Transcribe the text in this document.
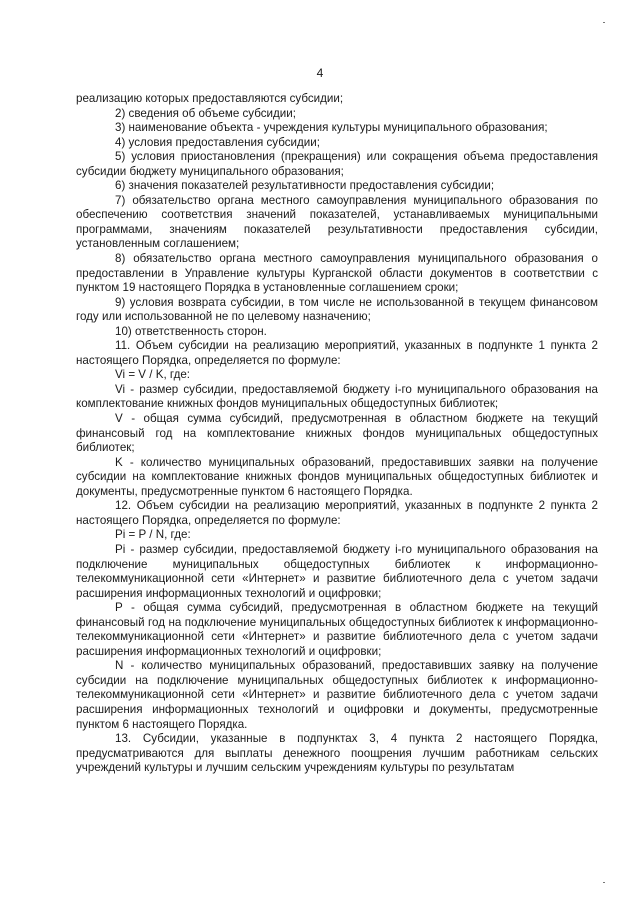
4

реализацию которых предоставляются субсидии;

2) сведения об объеме субсидии;

3) наименование объекта - учреждения культуры муниципального образования;

4) условия предоставления субсидии;

5) условия приостановления (прекращения) или сокращения объема предоставления субсидии бюджету муниципального образования;

6) значения показателей результативности предоставления субсидии;

7) обязательство органа местного самоуправления муниципального образования по обеспечению соответствия значений показателей, устанавливаемых муниципальными программами, значениям показателей результативности предоставления субсидии, установленным соглашением;

8) обязательство органа местного самоуправления муниципального образования о предоставлении в Управление культуры Курганской области документов в соответствии с пунктом 19 настоящего Порядка в установленные соглашением сроки;

9) условия возврата субсидии, в том числе не использованной в текущем финансовом году или использованной не по целевому назначению;

10) ответственность сторон.

11. Объем субсидии на реализацию мероприятий, указанных в подпункте 1 пункта 2 настоящего Порядка, определяется по формуле:

Vi = V / K, где:

Vi - размер субсидии, предоставляемой бюджету i-го муниципального образования на комплектование книжных фондов муниципальных общедоступных библиотек;

V - общая сумма субсидий, предусмотренная в областном бюджете на текущий финансовый год на комплектование книжных фондов муниципальных общедоступных библиотек;

K - количество муниципальных образований, предоставивших заявки на получение субсидии на комплектование книжных фондов муниципальных общедоступных библиотек и документы, предусмотренные пунктом 6 настоящего Порядка.

12. Объем субсидии на реализацию мероприятий, указанных в подпункте 2 пункта 2 настоящего Порядка, определяется по формуле:

Pi = P / N, где:

Pi - размер субсидии, предоставляемой бюджету i-го муниципального образования на подключение муниципальных общедоступных библиотек к информационно-телекоммуникационной сети «Интернет» и развитие библиотечного дела с учетом задачи расширения информационных технологий и оцифровки;

P - общая сумма субсидий, предусмотренная в областном бюджете на текущий финансовый год на подключение муниципальных общедоступных библиотек к информационно-телекоммуникационной сети «Интернет» и развитие библиотечного дела с учетом задачи расширения информационных технологий и оцифровки;

N - количество муниципальных образований, предоставивших заявку на получение субсидии на подключение муниципальных общедоступных библиотек к информационно-телекоммуникационной сети «Интернет» и развитие библиотечного дела с учетом задачи расширения информационных технологий и оцифровки и документы, предусмотренные пунктом 6 настоящего Порядка.

13. Субсидии, указанные в подпунктах 3, 4 пункта 2 настоящего Порядка, предусматриваются для выплаты денежного поощрения лучшим работникам сельских учреждений культуры и лучшим сельским учреждениям культуры по результатам
